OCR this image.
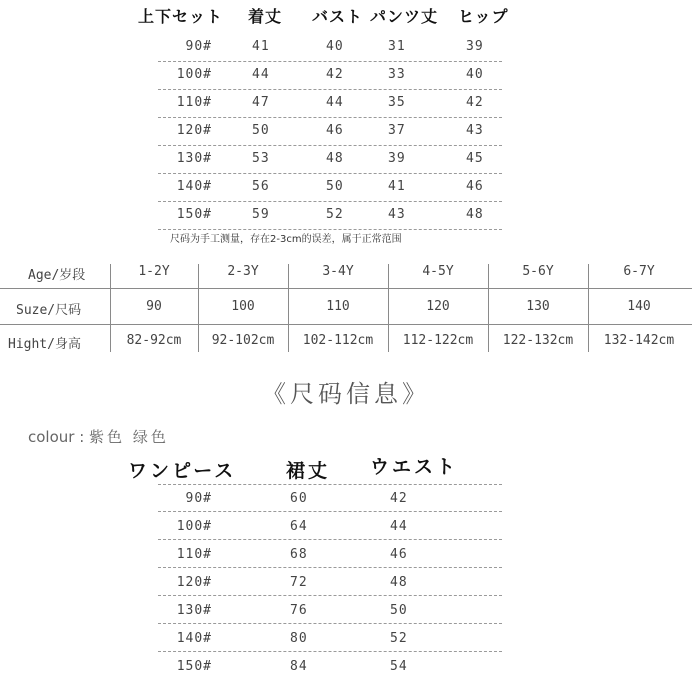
上下セット 着丈 バスト パンツ丈 ヒップ
90#	41	40	31	39
100#	44	42	33	40
110#	47	44	35	42
120#	50	46	37	43
130#	53	48	39	45
140#	56	50	41	46
150#	59	52	43	48
尺码为手工测量，存在2-3cm的误差，属于正常范围
Age/岁段	1-2Y	2-3Y	3-4Y	4-5Y	5-6Y	6-7Y
Suze/尺码	90	100	110	120	130	140
Hight/身高	82-92cm	92-102cm	102-112cm	112-122cm	122-132cm	132-142cm
《尺码信息》
colour : 紫色 绿色
ワンピース	裙丈 ウエスト
90#	60	42
100#	64	44
110#	68	46
120#	72	48
130#	76	50
140#	80	52
150#	84	54
